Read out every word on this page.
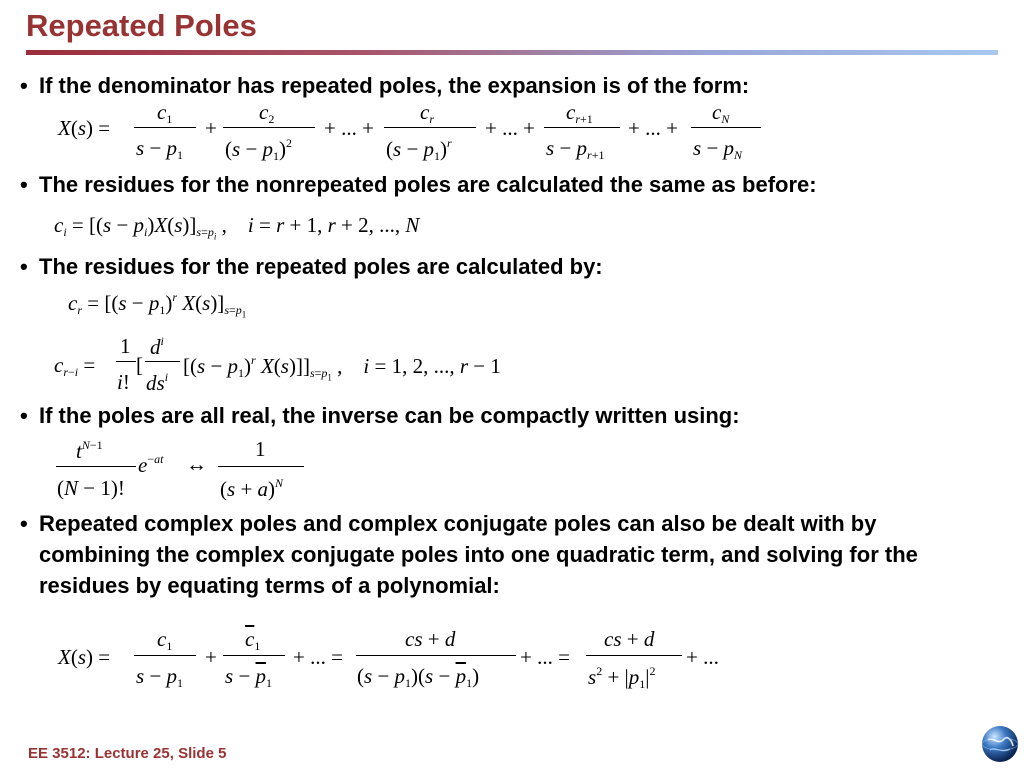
Repeated Poles
• If the denominator has repeated poles, the expansion is of the form:
X(s) =
$c_1$
$s - p_1$
+
$c_2$
$(s - p_1)^2$
+ ... +
$c_r$
$(s - p_1)^r$
+ ... +
$c_{r+1}$
$s - p_{r+1}$
+ ... +
$c_N$
$s - p_N$
• The residues for the nonrepeated poles are calculated the same as before:
$c_i = [(s - p_i)X(s)]_{s=p_i}$ ,    i = r + 1, r + 2, ..., N
• The residues for the repeated poles are calculated by:
$c_r = [(s - p_1)^r$ $X(s)]_{s=p_1}$
$c_{r-i}$ =
1
i!
[
$d^i$
$ds^i$ [$(s - p_1)^r$ $X(s)]]_{s=p_1}$ ,    i = 1, 2, ..., r − 1
• If the poles are all real, the inverse can be compactly written using:
$t^{N-1}$
(N − 1)!
$e^{-at}$ ↔
1
$(s + a)^N$
• Repeated complex poles and complex conjugate poles can also be dealt with by combining the complex conjugate poles into one quadratic term, and solving for the residues by equating terms of a polynomial:
X(s) =
$c_1$
$s - p_1$
+
$\overline{c}_1$
$s - \overline{p}_1$
+ ... =
cs + d
$(s - p_1)(s - \overline{p}_1)$
+ ... =
cs + d
$s^2 + |p_1|^2$
+ ...
EE 3512: Lecture 25, Slide 5
